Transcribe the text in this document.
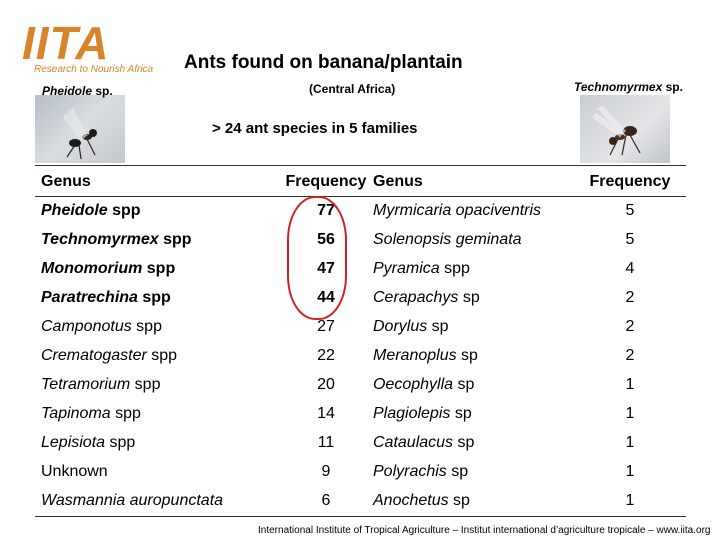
IITA
Research to Nourish Africa
Pheidole sp.	Technomyrmex sp.
Ants found on banana/plantain
(Central Africa)
> 24 ant species in 5 families
Genus	Frequency Genus	Frequency
Pheidole spp	77	Myrmicaria opaciventris	5
Technomyrmex spp	56	Solenopsis geminata	5
Monomorium spp	47	Pyramica spp	4
Paratrechina spp	44	Cerapachys sp	2
Camponotus spp	27	Dorylus sp	2
Crematogaster spp	22	Meranoplus sp	2
Tetramorium spp	20	Oecophylla sp	1
Tapinoma spp	14	Plagiolepis sp	1
Lepisiota spp	11	Cataulacus sp	1
Unknown	9	Polyrachis sp	1
Wasmannia auropunctata	6	Anochetus sp	1
International Institute of Tropical Agriculture – Institut international d’agriculture tropicale – www.iita.org
